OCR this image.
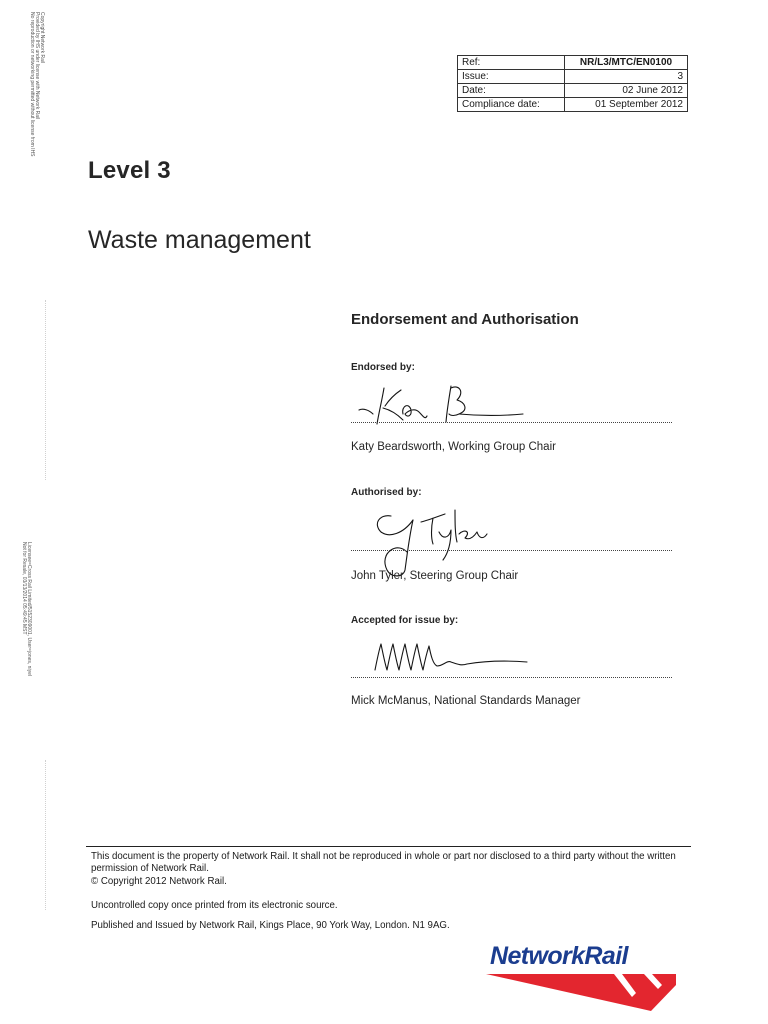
Copyright Network Rail
Provided by IHS under license with Network Rail
No reproduction or networking permitted without license from IHS
Licensee=Cross Rail Limited/5152309001, User=jones, niyel
Not for Resale, 03/13/2014 05:49:45 MST
Ref:	NR/L3/MTC/EN0100
Issue:	3
Date:	02 June 2012
Compliance date:	01 September 2012
Level 3
Waste management
Endorsement and Authorisation
Endorsed by:
Katy Beardsworth, Working Group Chair
Authorised by:
John Tyler, Steering Group Chair
Accepted for issue by:
Mick McManus, National Standards Manager
This document is the property of Network Rail. It shall not be reproduced in whole or part nor disclosed to a third party without the written permission of Network Rail.
© Copyright 2012 Network Rail.
Uncontrolled copy once printed from its electronic source.
Published and Issued by Network Rail, Kings Place, 90 York Way, London. N1 9AG.
NetworkRail
